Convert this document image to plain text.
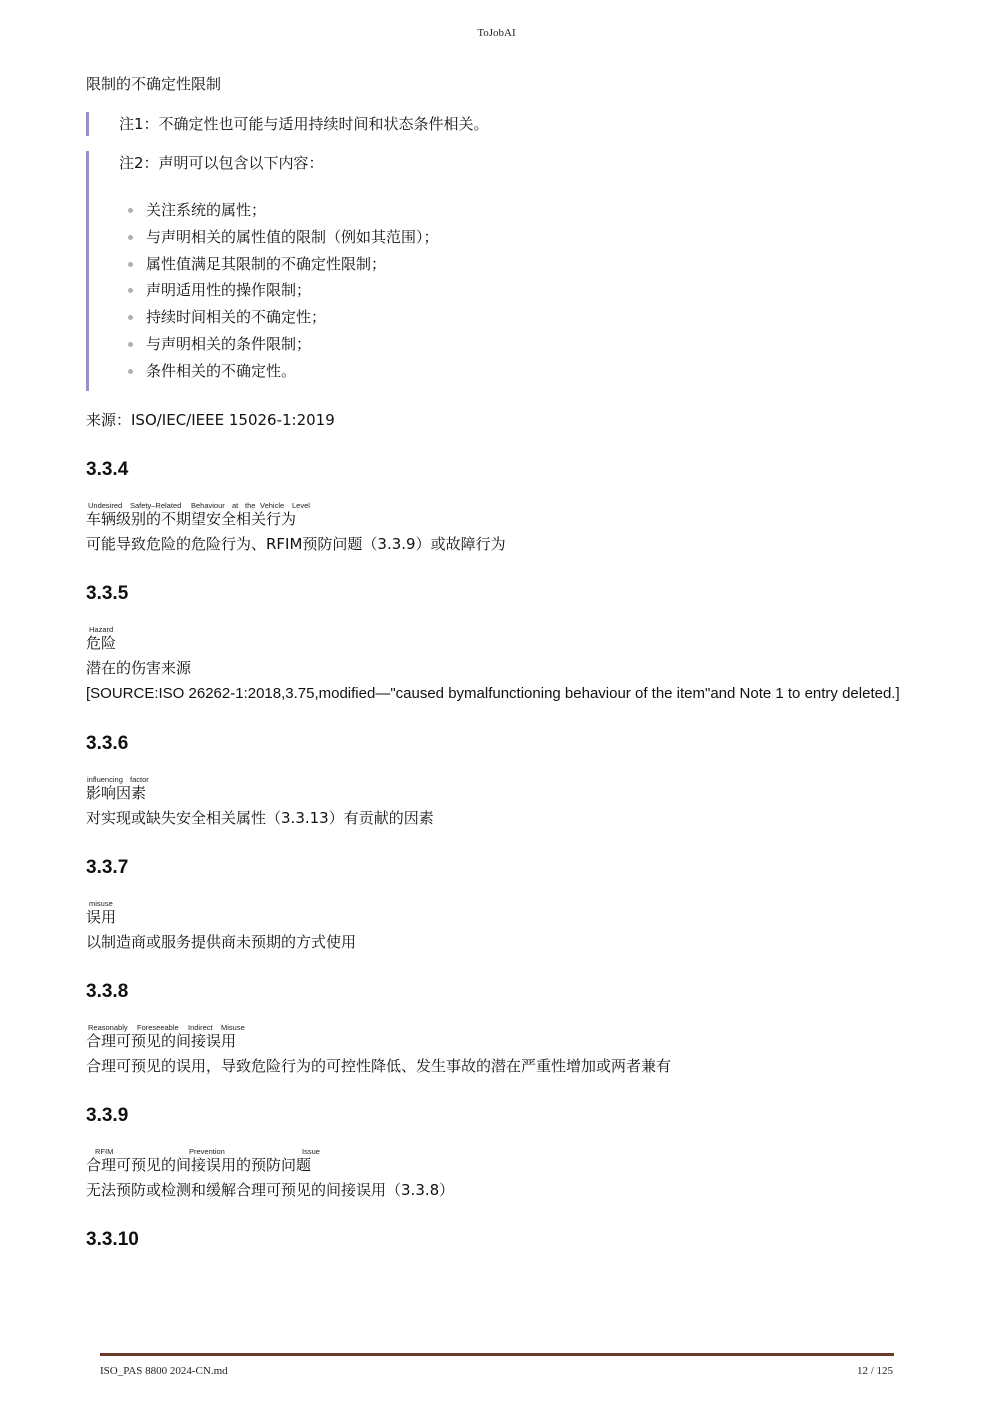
ToJobAI

限制的不确定性限制

注1：不确定性也可能与适用持续时间和状态条件相关。

注2：声明可以包含以下内容：

关注系统的属性；
与声明相关的属性值的限制（例如其范围）；
属性值满足其限制的不确定性限制；
声明适用性的操作限制；
持续时间相关的不确定性；
与声明相关的条件限制；
条件相关的不确定性。

来源：ISO/IEC/IEEE 15026-1:2019

3.3.4
Undesired Safety–Related Behaviour at the Vehicle Level

车辆级别的不期望安全相关行为

可能导致危险的危险行为、RFIM预防问题（3.3.9）或故障行为

3.3.5
Hazard

危险

潜在的伤害来源

[SOURCE:ISO 26262-1:2018,3.75,modified—"caused bymalfunctioning behaviour of the item"and Note 1 to entry deleted.]

3.3.6
influencing factor

影响因素

对实现或缺失安全相关属性（3.3.13）有贡献的因素

3.3.7
misuse

误用

以制造商或服务提供商未预期的方式使用

3.3.8
Reasonably Foreseeable Indirect Misuse

合理可预见的间接误用

合理可预见的误用，导致危险行为的可控性降低、发生事故的潜在严重性增加或两者兼有

3.3.9
RFIM	Prevention	Issue

合理可预见的间接误用的预防问题

无法预防或检测和缓解合理可预见的间接误用（3.3.8）

3.3.10
ISO_PAS 8800 2024-CN.md	12 / 125
